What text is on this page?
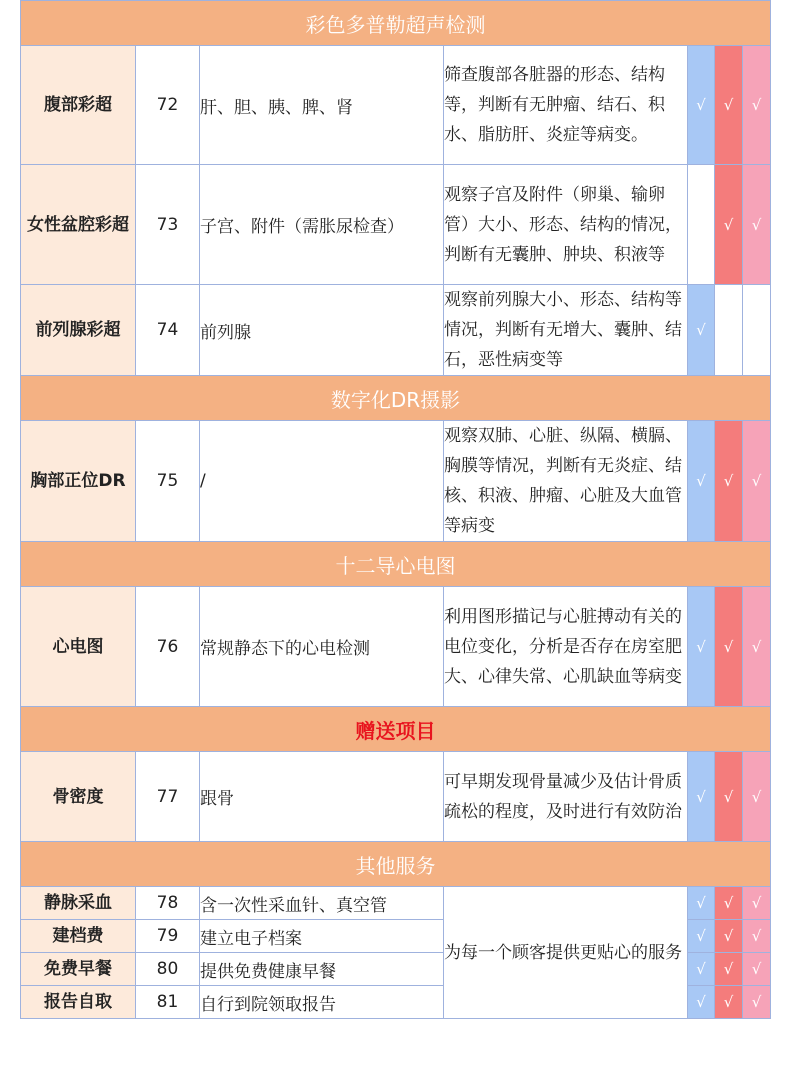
彩色多普勒超声检测						
腹部彩超	72	肝、胆、胰、脾、肾	筛查腹部各脏器的形态、结构等，判断有无肿瘤、结石、积水、脂肪肝、炎症等病变。	√	√	√
女性盆腔彩超	73	子宫、附件（需胀尿检查）	观察子宫及附件（卵巢、输卵管）大小、形态、结构的情况，判断有无囊肿、肿块、积液等		√	√
前列腺彩超	74	前列腺	观察前列腺大小、形态、结构等情况，判断有无增大、囊肿、结石，恶性病变等	√		
数字化DR摄影						
胸部正位DR	75	/	观察双肺、心脏、纵隔、横膈、胸膜等情况，判断有无炎症、结核、积液、肿瘤、心脏及大血管等病变	√	√	√
十二导心电图						
心电图	76	常规静态下的心电检测	利用图形描记与心脏搏动有关的电位变化，分析是否存在房室肥大、心律失常、心肌缺血等病变	√	√	√
赠送项目						
骨密度	77	跟骨	可早期发现骨量减少及估计骨质疏松的程度，及时进行有效防治	√	√	√
其他服务						
静脉采血	78	含一次性采血针、真空管	为每一个顾客提供更贴心的服务	√	√	√
建档费	79	建立电子档案		√	√	√
免费早餐	80	提供免费健康早餐		√	√	√
报告自取	81	自行到院领取报告		√	√	√
